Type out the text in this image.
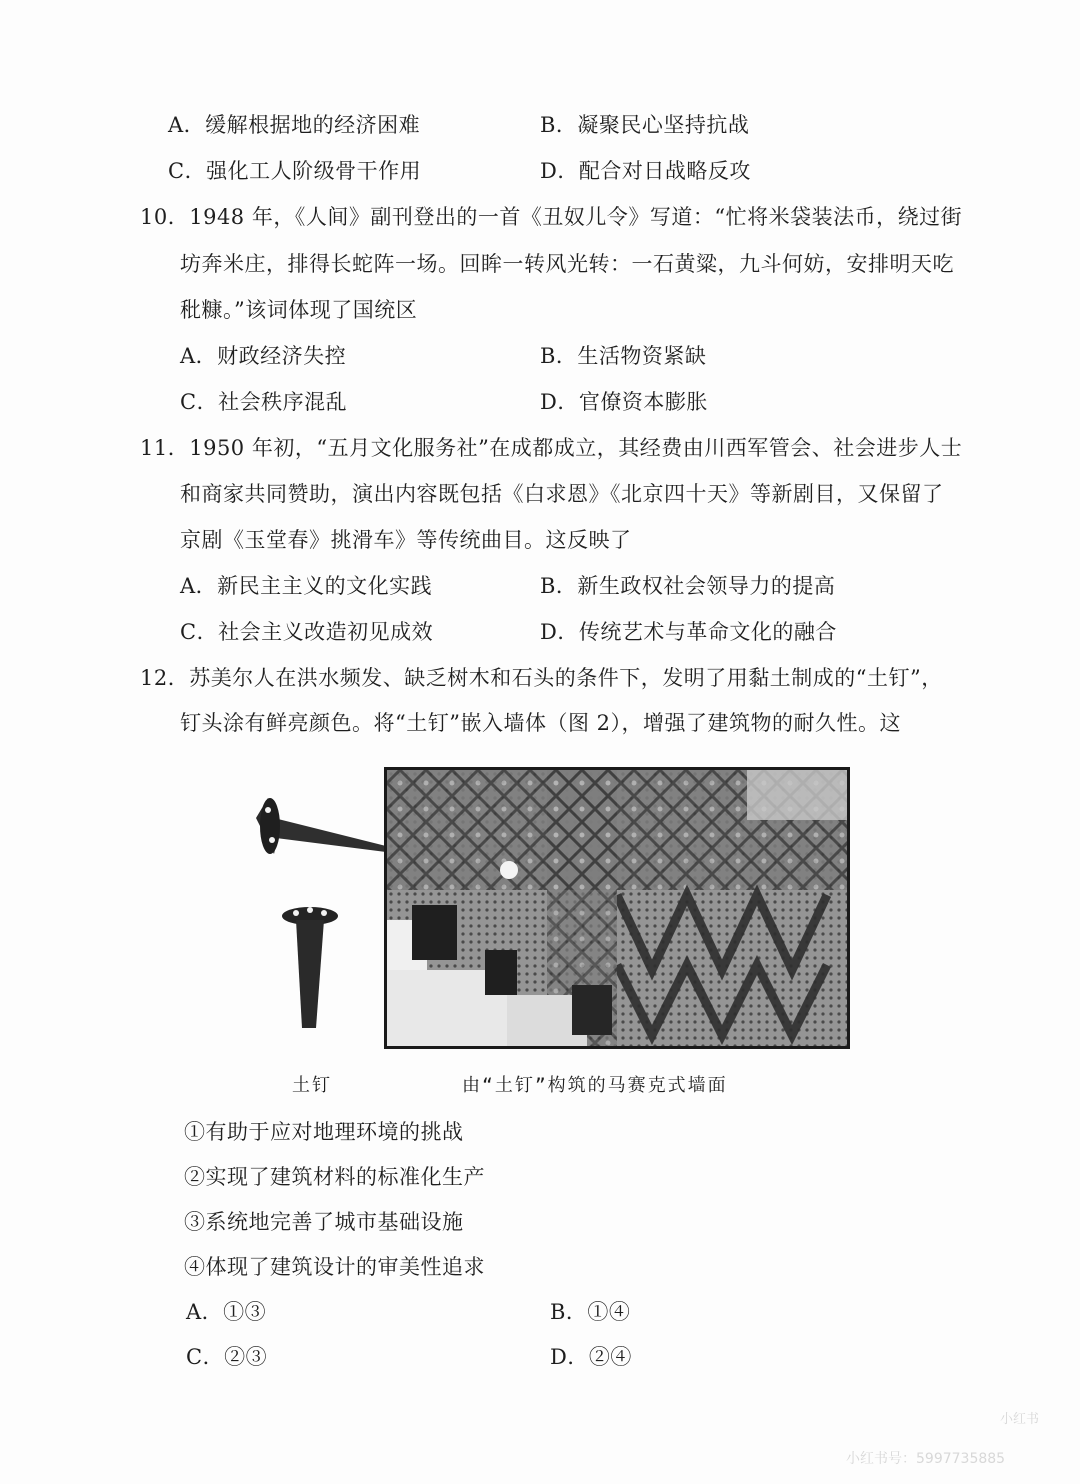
A．缓解根据地的经济困难	B．凝聚民心坚持抗战
C．强化工人阶级骨干作用	D．配合对日战略反攻
10．1948 年，《人间》副刊登出的一首《丑奴儿令》写道：“忙将米袋装法币，绕过街
坊奔米庄，排得长蛇阵一场。回眸一转风光转：一石黄粱，九斗何妨，安排明天吃
秕糠。”该词体现了国统区
A．财政经济失控	B．生活物资紧缺
C．社会秩序混乱	D．官僚资本膨胀
11．1950 年初，“五月文化服务社”在成都成立，其经费由川西军管会、社会进步人士
和商家共同赞助，演出内容既包括《白求恩》《北京四十天》等新剧目，又保留了
京剧《玉堂春》挑滑车》等传统曲目。这反映了
A．新民主主义的文化实践	B．新生政权社会领导力的提高
C．社会主义改造初见成效	D．传统艺术与革命文化的融合
12．苏美尔人在洪水频发、缺乏树木和石头的条件下，发明了用黏土制成的“土钉”，
钉头涂有鲜亮颜色。将“土钉”嵌入墙体（图 2），增强了建筑物的耐久性。这
土钉	由“土钉”构筑的马赛克式墙面
①有助于应对地理环境的挑战
②实现了建筑材料的标准化生产
③系统地完善了城市基础设施
④体现了建筑设计的审美性追求
A．①③	B．①④
C．②③	D．②④
小红书
小红书号：5997735885
